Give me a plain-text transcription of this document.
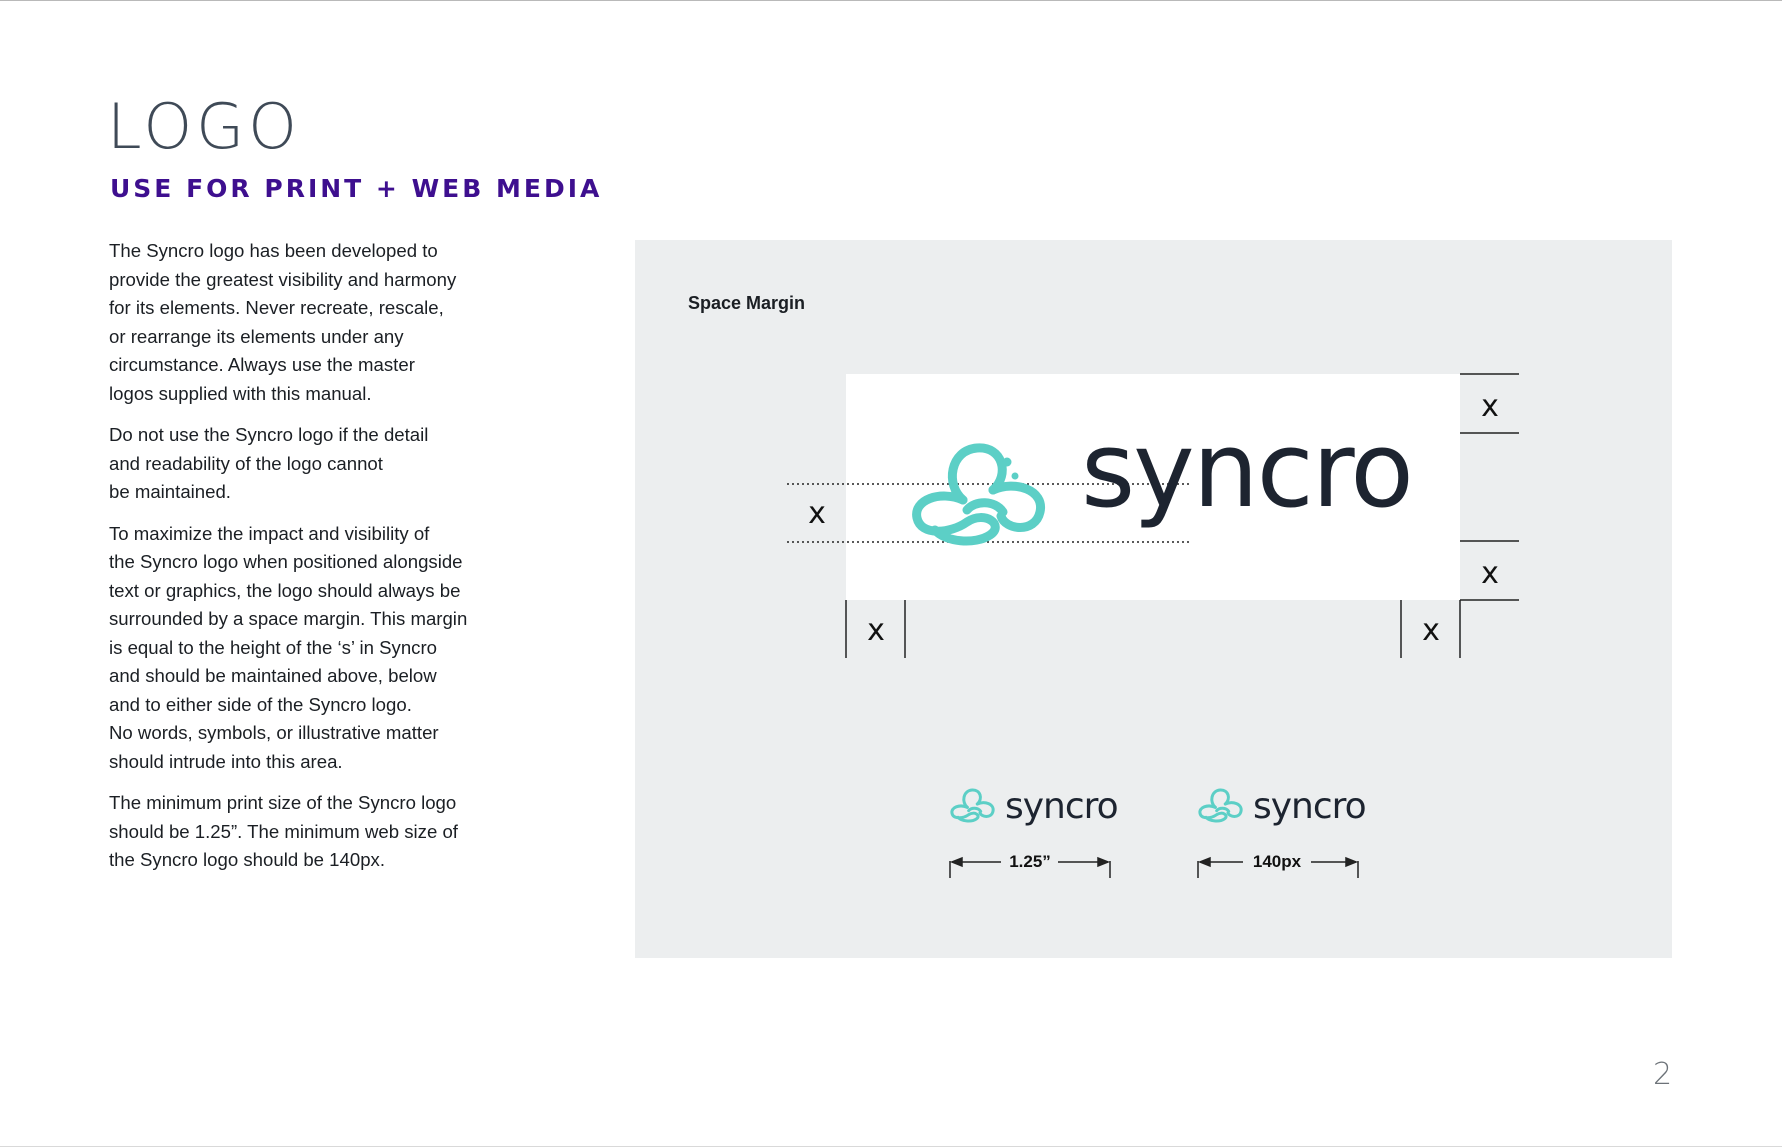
LOGO
USE FOR PRINT + WEB MEDIA

The Syncro logo has been developed to
provide the greatest visibility and harmony
for its elements. Never recreate, rescale,
or rearrange its elements under any
circumstance. Always use the master
logos supplied with this manual.

Do not use the Syncro logo if the detail
and readability of the logo cannot
be maintained.

To maximize the impact and visibility of
the Syncro logo when positioned alongside
text or graphics, the logo should always be
surrounded by a space margin. This margin
is equal to the height of the ‘s’ in Syncro
and should be maintained above, below
and to either side of the Syncro logo.
No words, symbols, or illustrative matter
should intrude into this area.

The minimum print size of the Syncro logo
should be 1.25”. The minimum web size of
the Syncro logo should be 140px.

Space Margin
x
x
x
x	x
syncro
syncro
1.25”
syncro
140px
2
